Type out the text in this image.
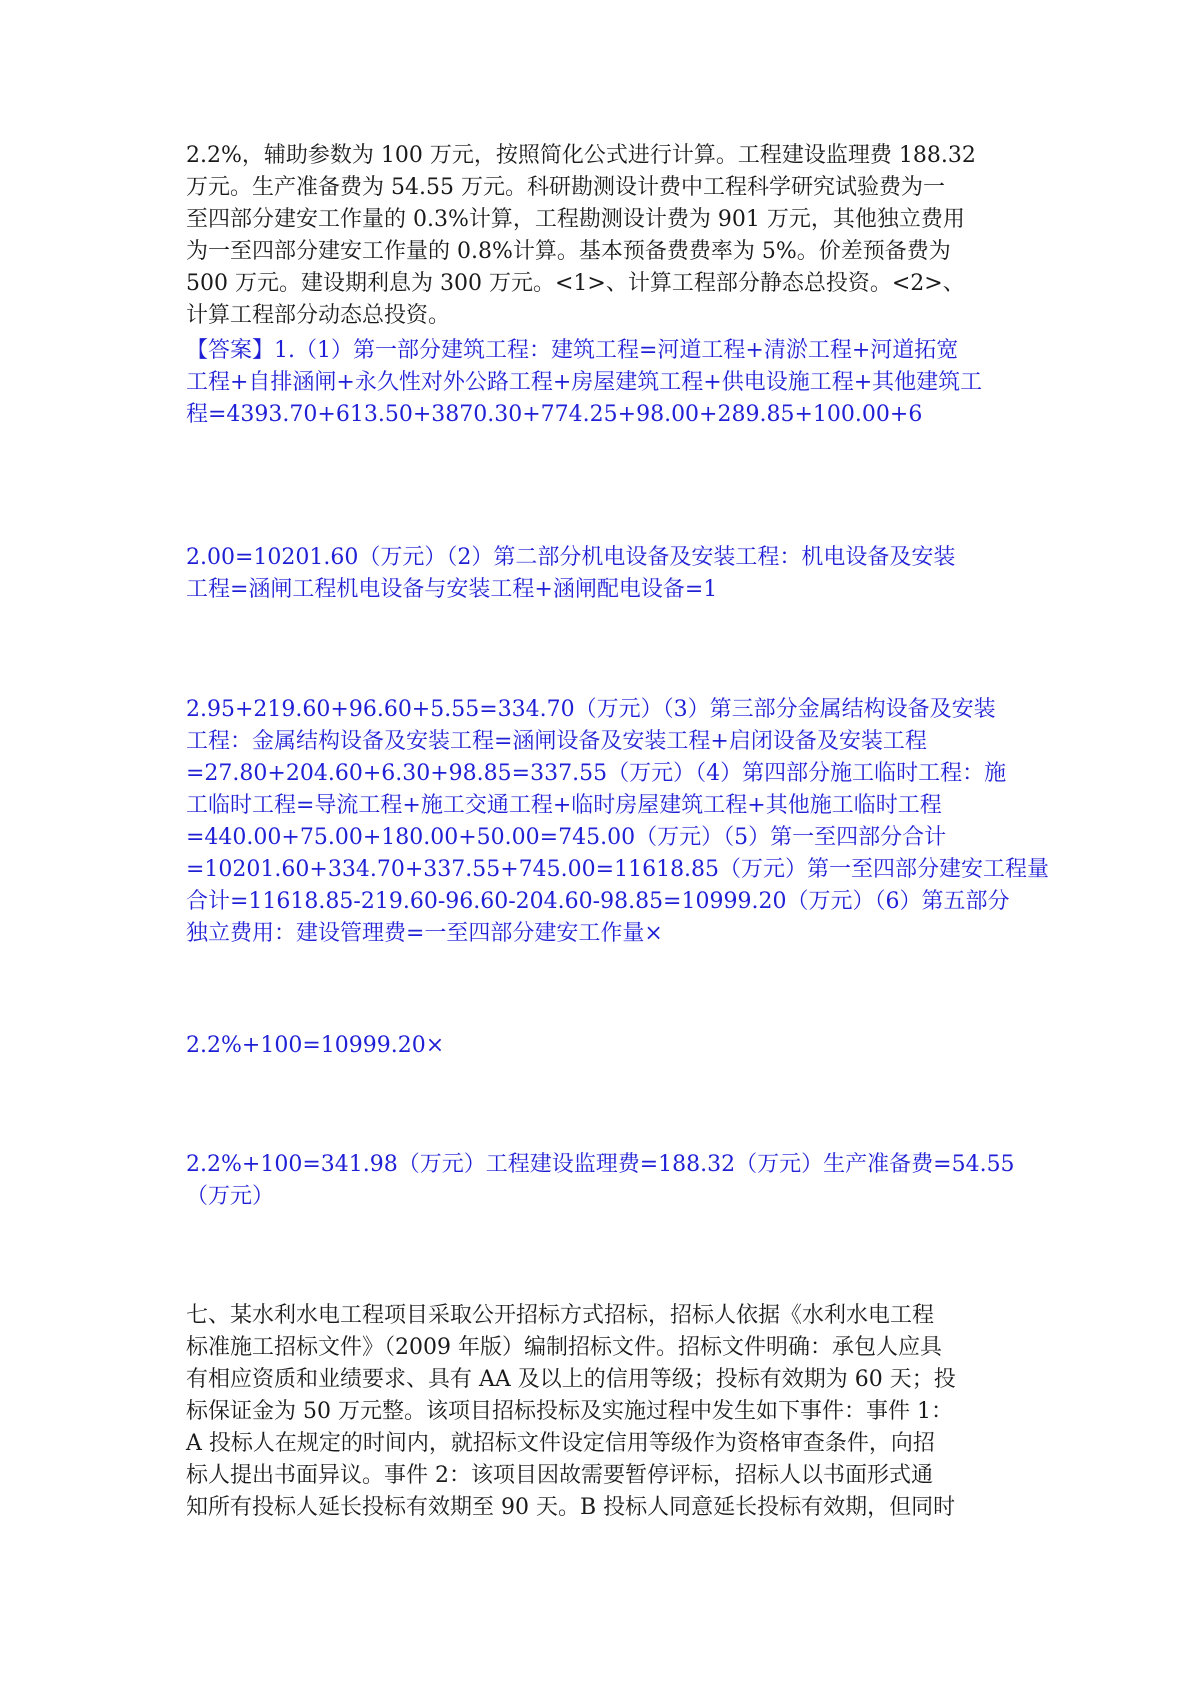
2.2%，辅助参数为 100 万元，按照简化公式进行计算。工程建设监理费 188.32
万元。生产准备费为 54.55 万元。科研勘测设计费中工程科学研究试验费为一
至四部分建安工作量的 0.3%计算，工程勘测设计费为 901 万元，其他独立费用
为一至四部分建安工作量的 0.8%计算。基本预备费费率为 5%。价差预备费为
500 万元。建设期利息为 300 万元。<1>、计算工程部分静态总投资。<2>、
计算工程部分动态总投资。
【答案】1.（1）第一部分建筑工程：建筑工程=河道工程+清淤工程+河道拓宽
工程+自排涵闸+永久性对外公路工程+房屋建筑工程+供电设施工程+其他建筑工
程=4393.70+613.50+3870.30+774.25+98.00+289.85+100.00+6
2.00=10201.60（万元）（2）第二部分机电设备及安装工程：机电设备及安装
工程=涵闸工程机电设备与安装工程+涵闸配电设备=1
2.95+219.60+96.60+5.55=334.70（万元）（3）第三部分金属结构设备及安装
工程：金属结构设备及安装工程=涵闸设备及安装工程+启闭设备及安装工程
=27.80+204.60+6.30+98.85=337.55（万元）（4）第四部分施工临时工程：施
工临时工程=导流工程+施工交通工程+临时房屋建筑工程+其他施工临时工程
=440.00+75.00+180.00+50.00=745.00（万元）（5）第一至四部分合计
=10201.60+334.70+337.55+745.00=11618.85（万元）第一至四部分建安工程量
合计=11618.85-219.60-96.60-204.60-98.85=10999.20（万元）（6）第五部分
独立费用：建设管理费=一至四部分建安工作量×
2.2%+100=10999.20×
2.2%+100=341.98（万元）工程建设监理费=188.32（万元）生产准备费=54.55
（万元）
七、某水利水电工程项目采取公开招标方式招标，招标人依据《水利水电工程
标准施工招标文件》（2009 年版）编制招标文件。招标文件明确：承包人应具
有相应资质和业绩要求、具有 AA 及以上的信用等级；投标有效期为 60 天；投
标保证金为 50 万元整。该项目招标投标及实施过程中发生如下事件：事件 1：
A 投标人在规定的时间内，就招标文件设定信用等级作为资格审查条件，向招
标人提出书面异议。事件 2：该项目因故需要暂停评标，招标人以书面形式通
知所有投标人延长投标有效期至 90 天。B 投标人同意延长投标有效期，但同时
